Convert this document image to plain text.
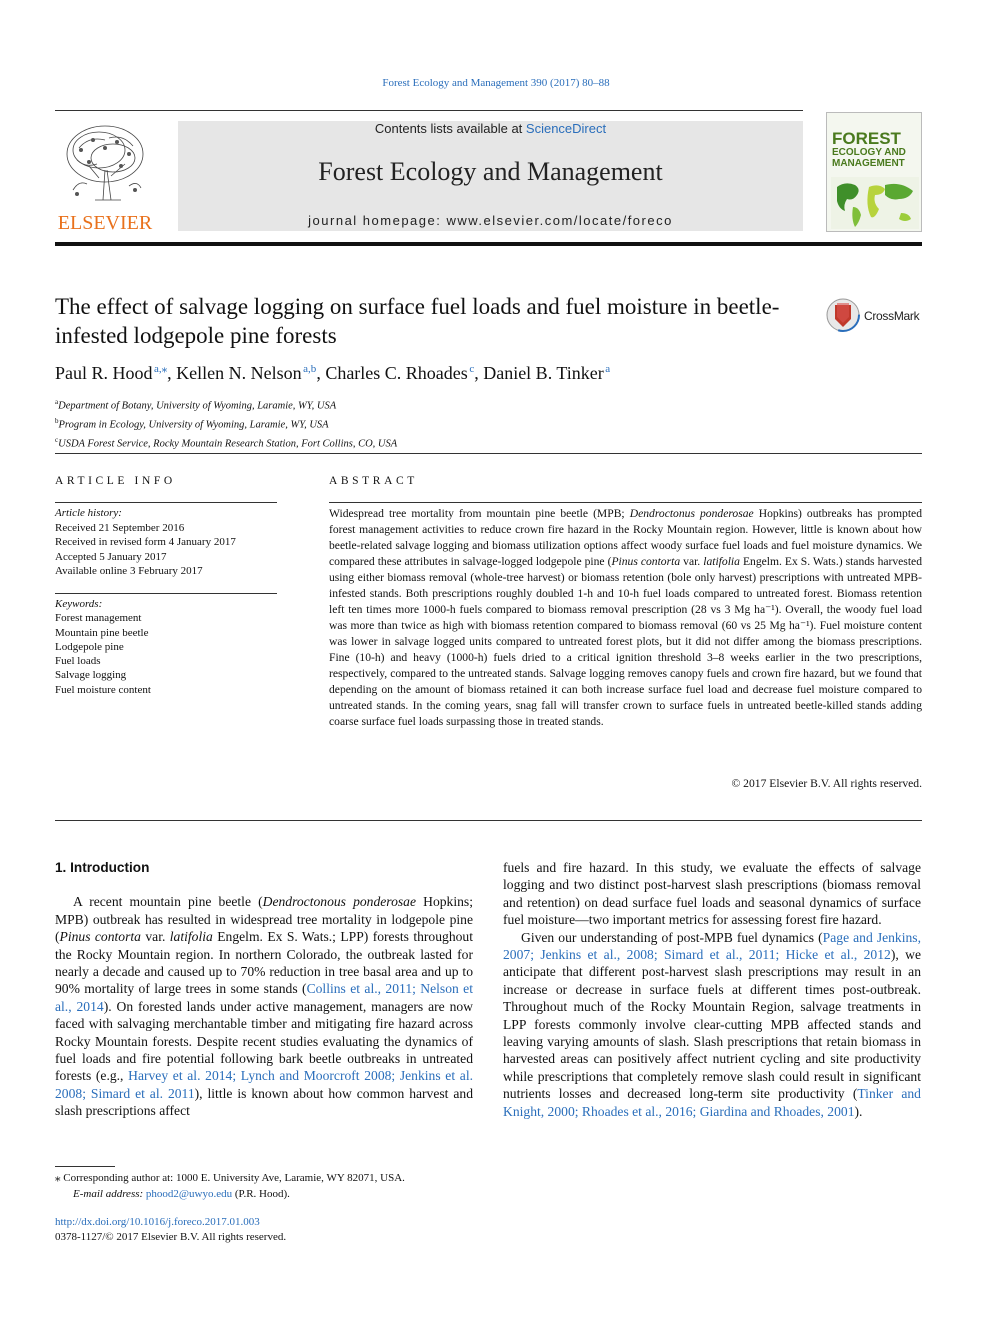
Forest Ecology and Management 390 (2017) 80–88
ELSEVIER
Contents lists available at ScienceDirect
Forest Ecology and Management
journal homepage: www.elsevier.com/locate/foreco
FOREST
ECOLOGY AND MANAGEMENT
The effect of salvage logging on surface fuel loads and fuel moisture in beetle-infested lodgepole pine forests
CrossMark
Paul R. Hood  $^{a,⁎}$, Kellen N. Nelson  $^{a,b}$, Charles C. Rhoades  $^c$, Daniel B. Tinker  $^a$
$^a$Department of Botany, University of Wyoming, Laramie, WY, USA
$^b$Program in Ecology, University of Wyoming, Laramie, WY, USA
$^c$USDA Forest Service, Rocky Mountain Research Station, Fort Collins, CO, USA
ARTICLE INFO	ABSTRACT
Article history:
Received 21 September 2016
Received in revised form 4 January 2017
Accepted 5 January 2017
Available online 3 February 2017
Keywords:
Forest management
Mountain pine beetle
Lodgepole pine
Fuel loads
Salvage logging
Fuel moisture content
Widespread tree mortality from mountain pine beetle (MPB; Dendroctonus ponderosae Hopkins) outbreaks has prompted forest management activities to reduce crown fire hazard in the Rocky Mountain region. However, little is known about how beetle-related salvage logging and biomass utilization options affect woody surface fuel loads and fuel moisture dynamics. We compared these attributes in salvage-logged lodgepole pine (Pinus contorta var. latifolia Engelm. Ex S. Wats.) stands harvested using either biomass removal (whole-tree harvest) or biomass retention (bole only harvest) prescriptions with untreated MPB-infested stands. Both prescriptions roughly doubled 1-h and 10-h fuel loads compared to untreated forest. Biomass retention left ten times more 1000-h fuels compared to biomass removal prescription (28 vs 3 Mg ha⁻¹). Overall, the woody fuel load was more than twice as high with biomass retention compared to biomass removal (60 vs 25 Mg ha⁻¹). Fuel moisture content was lower in salvage logged units compared to untreated forest plots, but it did not differ among the biomass prescriptions. Fine (10-h) and heavy (1000-h) fuels dried to a critical ignition threshold 3–8 weeks earlier in the two prescriptions, respectively, compared to the untreated stands. Salvage logging removes canopy fuels and crown fire hazard, but we found that depending on the amount of biomass retained it can both increase surface fuel load and decrease fuel moisture compared to untreated stands. In the coming years, snag fall will transfer crown to surface fuels in untreated beetle-killed stands adding coarse surface fuel loads surpassing those in treated stands.
© 2017 Elsevier B.V. All rights reserved.
1. Introduction

A recent mountain pine beetle (Dendroctonous ponderosae Hopkins; MPB) outbreak has resulted in widespread tree mortality in lodgepole pine (Pinus contorta var. latifolia Engelm. Ex S. Wats.; LPP) forests throughout the Rocky Mountain region. In northern Colorado, the outbreak lasted for nearly a decade and caused up to 70% reduction in tree basal area and up to 90% mortality of large trees in some stands (Collins et al., 2011; Nelson et al., 2014). On forested lands under active management, managers are now faced with salvaging merchantable timber and mitigating fire hazard across Rocky Mountain forests. Despite recent studies evaluating the dynamics of fuel loads and fire potential following bark beetle outbreaks in untreated forests (e.g., Harvey et al. 2014; Lynch and Moorcroft 2008; Jenkins et al. 2008; Simard et al. 2011), little is known about how common harvest and slash prescriptions affect

fuels and fire hazard. In this study, we evaluate the effects of salvage logging and two distinct post-harvest slash prescriptions (biomass removal and retention) on dead surface fuel loads and seasonal dynamics of surface fuel moisture—two important metrics for assessing forest fire hazard.

Given our understanding of post-MPB fuel dynamics (Page and Jenkins, 2007; Jenkins et al., 2008; Simard et al., 2011; Hicke et al., 2012), we anticipate that different post-harvest slash prescriptions may result in an increase or decrease in surface fuels at different times post-outbreak. Throughout much of the Rocky Mountain Region, salvage treatments in LPP forests commonly involve clear-cutting MPB affected stands and leaving varying amounts of slash. Slash prescriptions that retain biomass in harvested areas can positively affect nutrient cycling and site productivity while prescriptions that completely remove slash could result in significant nutrients losses and decreased long-term site productivity (Tinker and Knight, 2000; Rhoades et al., 2016; Giardina and Rhoades, 2001).

⁎ Corresponding author at: 1000 E. University Ave, Laramie, WY 82071, USA.
E-mail address: phood2@uwyo.edu (P.R. Hood).
http://dx.doi.org/10.1016/j.foreco.2017.01.003
0378-1127/© 2017 Elsevier B.V. All rights reserved.
